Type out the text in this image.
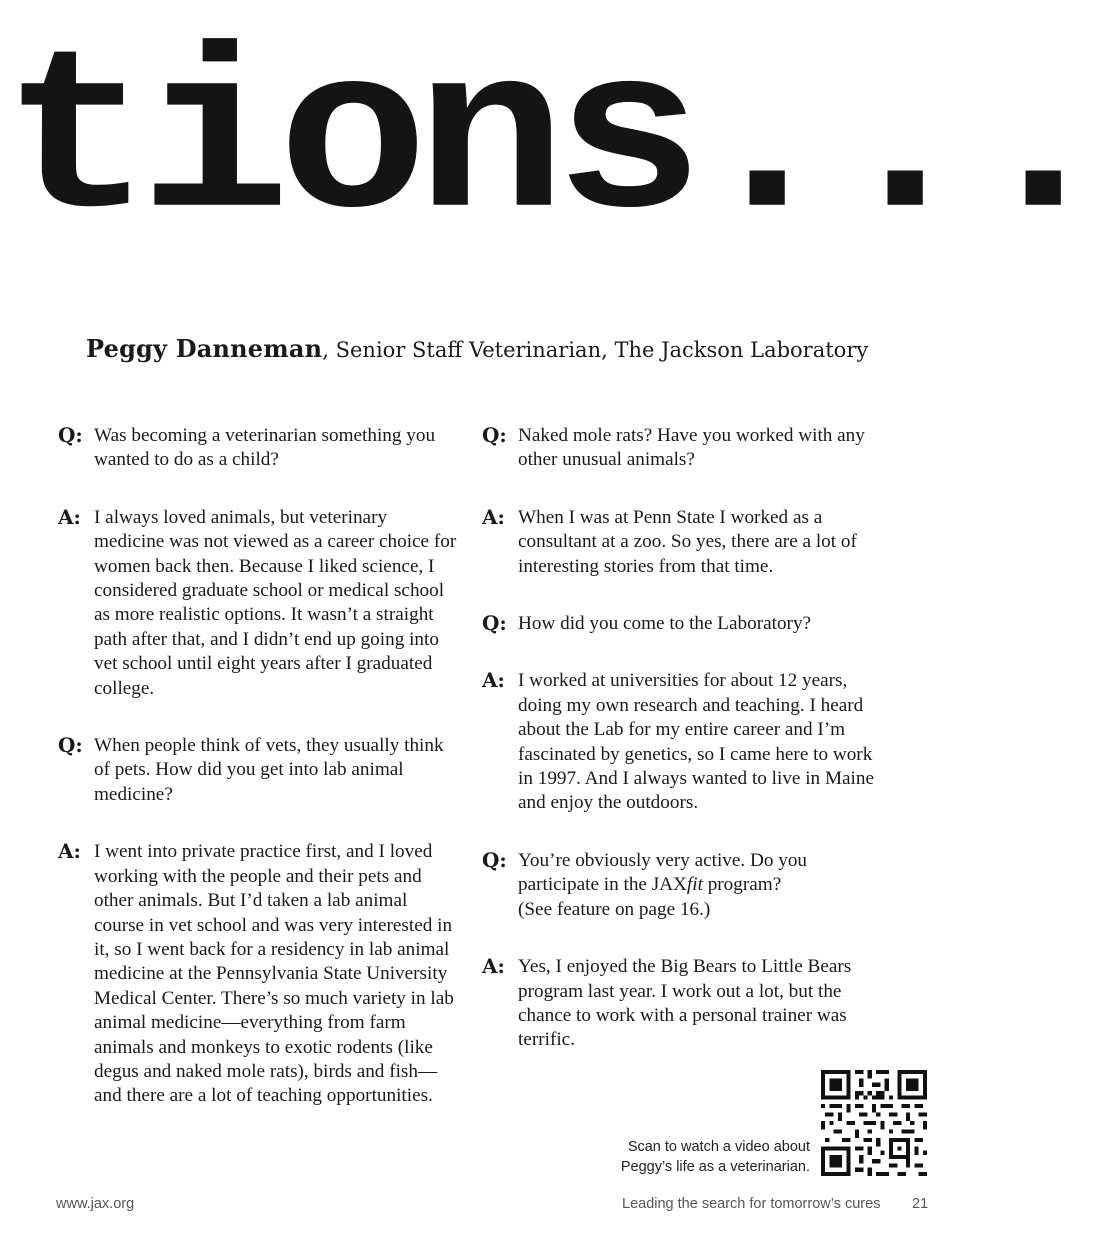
tions...
Peggy Danneman, Senior Staff Veterinarian, The Jackson Laboratory
Q: Was becoming a veterinarian something you wanted to do as a child?
A: I always loved animals, but veterinary medicine was not viewed as a career choice for women back then. Because I liked science, I considered graduate school or medical school as more realistic options. It wasn’t a straight path after that, and I didn’t end up going into vet school until eight years after I graduated college.
Q: When people think of vets, they usually think of pets. How did you get into lab animal medicine?
A: I went into private practice first, and I loved working with the people and their pets and other animals. But I’d taken a lab animal course in vet school and was very interested in it, so I went back for a residency in lab animal medicine at the Pennsylvania State University Medical Center. There’s so much variety in lab animal medicine—everything from farm animals and monkeys to exotic rodents (like degus and naked mole rats), birds and fish—and there are a lot of teaching opportunities.
Q: Naked mole rats? Have you worked with any other unusual animals?
A: When I was at Penn State I worked as a consultant at a zoo. So yes, there are a lot of interesting stories from that time.
Q: How did you come to the Laboratory?
A: I worked at universities for about 12 years, doing my own research and teaching. I heard about the Lab for my entire career and I’m fascinated by genetics, so I came here to work in 1997. And I always wanted to live in Maine and enjoy the outdoors.
Q: You’re obviously very active. Do you participate in the JAXfit program?
(See feature on page 16.)
A: Yes, I enjoyed the Big Bears to Little Bears program last year. I work out a lot, but the chance to work with a personal trainer was terrific.
Scan to watch a video about
Peggy’s life as a veterinarian.
www.jax.org	Leading the search for tomorrow’s cures 21
